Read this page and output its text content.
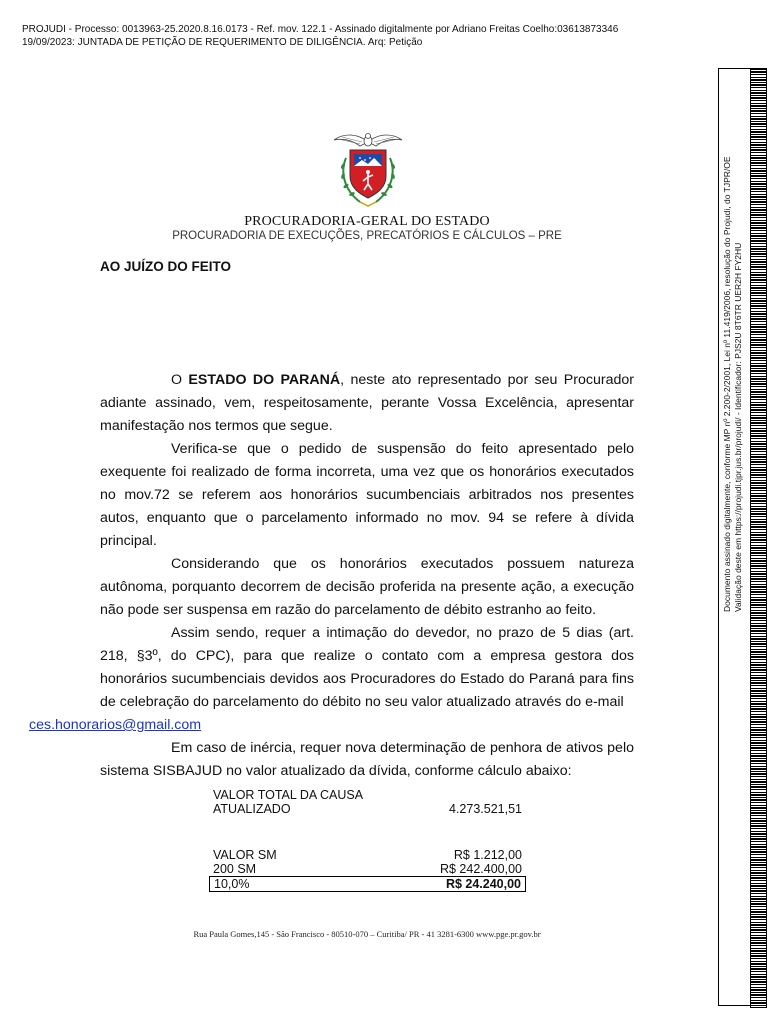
PROJUDI - Processo: 0013963-25.2020.8.16.0173 - Ref. mov. 122.1 - Assinado digitalmente por Adriano Freitas Coelho:03613873346
19/09/2023: JUNTADA DE PETIÇÃO DE REQUERIMENTO DE DILIGÊNCIA. Arq: Petição
PROCURADORIA-GERAL DO ESTADO
PROCURADORIA DE EXECUÇÕES, PRECATÓRIOS E CÁLCULOS – PRE
AO JUÍZO DO FEITO

O ESTADO DO PARANÁ, neste ato representado por seu Procurador adiante assinado, vem, respeitosamente, perante Vossa Excelência, apresentar manifestação nos termos que segue.

Verifica-se que o pedido de suspensão do feito apresentado pelo exequente foi realizado de forma incorreta, uma vez que os honorários executados no mov.72 se referem aos honorários sucumbenciais arbitrados nos presentes autos, enquanto que o parcelamento informado no mov. 94 se refere à dívida principal.

Considerando que os honorários executados possuem natureza autônoma, porquanto decorrem de decisão proferida na presente ação, a execução não pode ser suspensa em razão do parcelamento de débito estranho ao feito.

Assim sendo, requer a intimação do devedor, no prazo de 5 dias (art. 218, §3º, do CPC), para que realize o contato com a empresa gestora dos honorários sucumbenciais devidos aos Procuradores do Estado do Paraná para fins de celebração do parcelamento do débito no seu valor atualizado através do e-mail
ces.honorarios@gmail.com

Em caso de inércia, requer nova determinação de penhora de ativos pelo sistema SISBAJUD no valor atualizado da dívida, conforme cálculo abaixo:

VALOR TOTAL DA CAUSA
ATUALIZADO	4.273.521,51
VALOR SM	R$ 1.212,00
200 SM	R$ 242.400,00
10,0%	R$ 24.240,00
Rua Paula Gomes,145 - São Francisco - 80510-070 – Curitiba/ PR - 41 3281-6300 www.pge.pr.gov.br
Documento assinado digitalmente, conforme MP nº 2.200-2/2001, Lei nº 11.419/2006, resolução do Projudi, do TJPR/OE Validação deste em https://projudi.tjpr.jus.br/projudi/ - Identificador: PJS2U 8T6TR UER2H FY2HU
